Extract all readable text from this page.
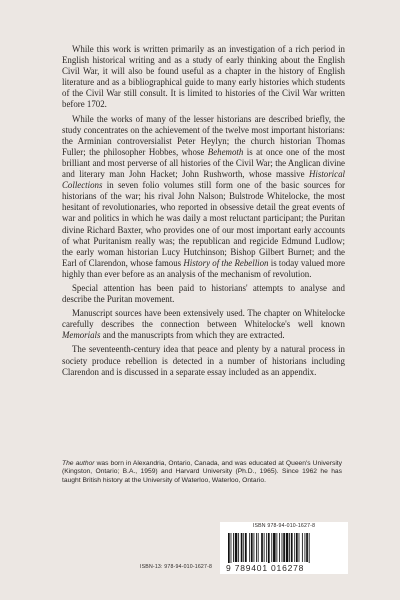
While this work is written primarily as an investigation of a rich period in English historical writing and as a study of early thinking about the English Civil War, it will also be found useful as a chapter in the history of English literature and as a bibliographical guide to many early histories which students of the Civil War still consult. It is limited to histories of the Civil War written before 1702.

While the works of many of the lesser historians are described briefly, the study concentrates on the achievement of the twelve most important historians: the Arminian controversialist Peter Heylyn; the church historian Thomas Fuller; the philosopher Hobbes, whose Behemoth is at once one of the most brilliant and most perverse of all histories of the Civil War; the Anglican divine and literary man John Hacket; John Rushworth, whose massive Historical Collections in seven folio volumes still form one of the basic sources for historians of the war; his rival John Nalson; Bulstrode Whitelocke, the most hesitant of revolutionaries, who reported in obsessive detail the great events of war and politics in which he was daily a most reluctant participant; the Puritan divine Richard Baxter, who provides one of our most important early accounts of what Puritanism really was; the republican and regicide Edmund Ludlow; the early woman historian Lucy Hutchinson; Bishop Gilbert Burnet; and the Earl of Clarendon, whose famous History of the Rebellion is today valued more highly than ever before as an analysis of the mechanism of revolution.

Special attention has been paid to historians' attempts to analyse and describe the Puritan movement.

Manuscript sources have been extensively used. The chapter on Whitelocke carefully describes the connection between Whitelocke's well known Memorials and the manuscripts from which they are extracted.

The seventeenth-century idea that peace and plenty by a natural process in society produce rebellion is detected in a number of historians including Clarendon and is discussed in a separate essay included as an appendix.

The author was born in Alexandria, Ontario, Canada, and was educated at Queen's University (Kingston, Ontario; B.A., 1959) and Harvard University (Ph.D., 1965). Since 1962 he has taught British history at the University of Waterloo, Waterloo, Ontario.
ISBN 978-94-010-1627-8
9 789401 016278
ISBN-13: 978-94-010-1627-8
